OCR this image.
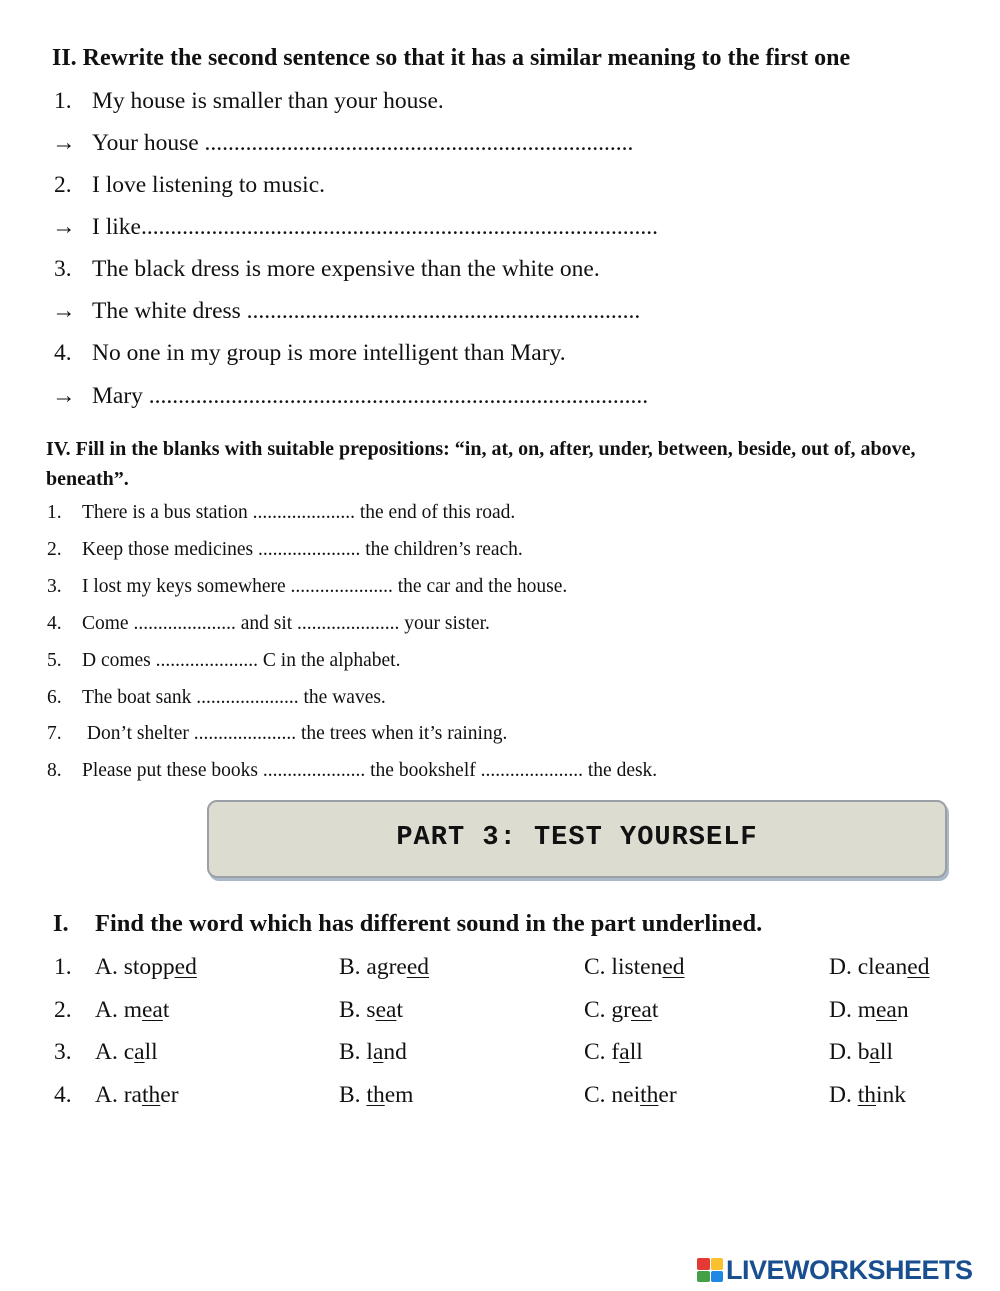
II. Rewrite the second sentence so that it has a similar meaning to the first one
1. My house is smaller than your house.
→ Your house .........................................................................
2. I love listening to music.
→ I like........................................................................................
3. The black dress is more expensive than the white one.
→ The white dress ...................................................................
4. No one in my group is more intelligent than Mary.
→ Mary .....................................................................................
IV. Fill in the blanks with suitable prepositions: “in, at, on, after, under, between, beside, out of, above, beneath”.
1. There is a bus station ..................... the end of this road.
2. Keep those medicines ..................... the children’s reach.
3. I lost my keys somewhere ..................... the car and the house.
4. Come ..................... and sit ..................... your sister.
5. D comes ..................... C in the alphabet.
6. The boat sank ..................... the waves.
7. Don’t shelter ..................... the trees when it’s raining.
8. Please put these books ..................... the bookshelf ..................... the desk.
PART 3: TEST YOURSELF
I. Find the word which has different sound in the part underlined.
1. A. stopped	B. agreed	C. listened	D. cleaned
2. A. meat	B. seat	C. great	D. mean
3. A. call	B. land	C. fall	D. ball
4. A. rather	B. them	C. neither	D. think
LIVEWORKSHEETS
